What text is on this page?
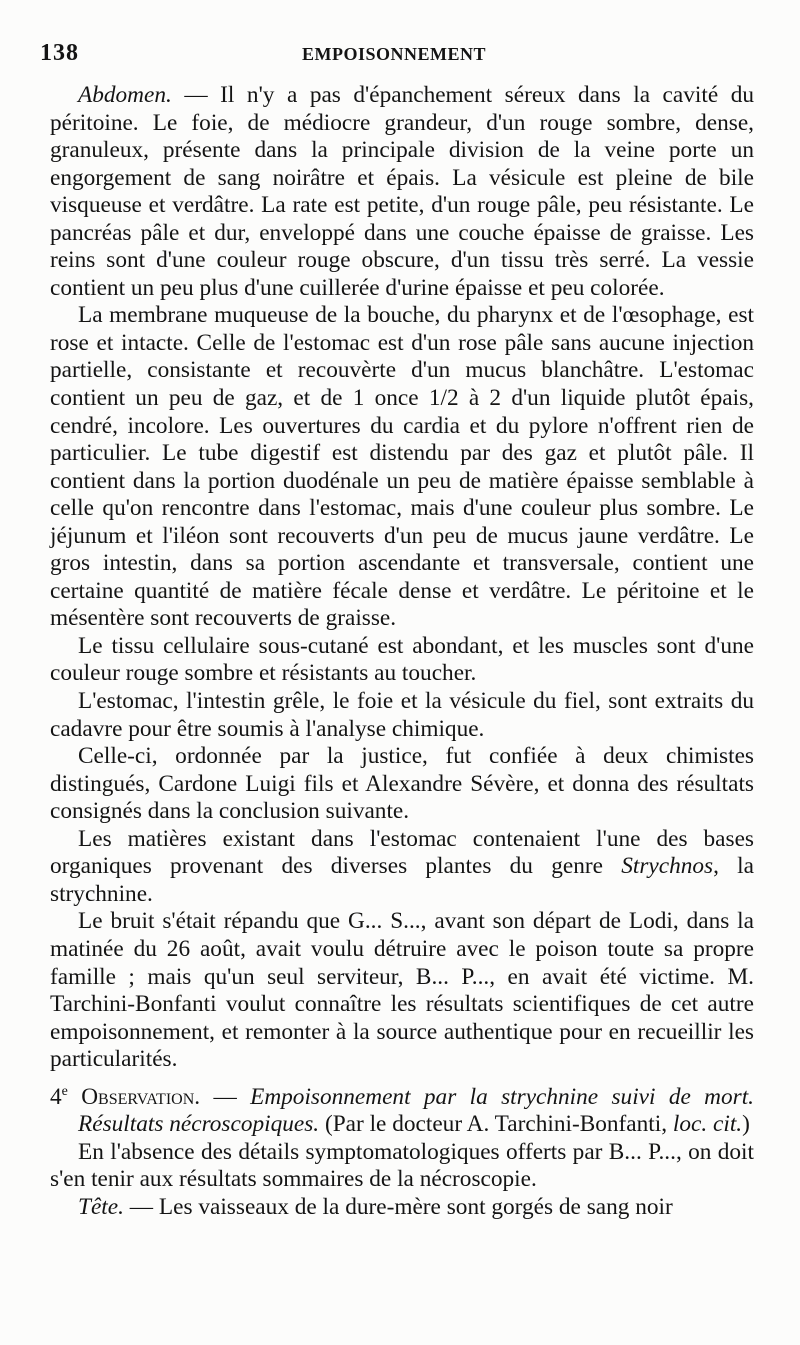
138	EMPOISONNEMENT

Abdomen. — Il n'y a pas d'épanchement séreux dans la cavité du péritoine. Le foie, de médiocre grandeur, d'un rouge sombre, dense, granuleux, présente dans la principale division de la veine porte un engorgement de sang noirâtre et épais. La vésicule est pleine de bile visqueuse et verdâtre. La rate est petite, d'un rouge pâle, peu résistante. Le pancréas pâle et dur, enveloppé dans une couche épaisse de graisse. Les reins sont d'une couleur rouge obscure, d'un tissu très serré. La vessie contient un peu plus d'une cuillerée d'urine épaisse et peu colorée.

La membrane muqueuse de la bouche, du pharynx et de l'œsophage, est rose et intacte. Celle de l'estomac est d'un rose pâle sans aucune injection partielle, consistante et recouvèrte d'un mucus blanchâtre. L'estomac contient un peu de gaz, et de 1 once 1/2 à 2 d'un liquide plutôt épais, cendré, incolore. Les ouvertures du cardia et du pylore n'offrent rien de particulier. Le tube digestif est distendu par des gaz et plutôt pâle. Il contient dans la portion duodénale un peu de matière épaisse semblable à celle qu'on rencontre dans l'estomac, mais d'une couleur plus sombre. Le jéjunum et l'iléon sont recouverts d'un peu de mucus jaune verdâtre. Le gros intestin, dans sa portion ascendante et transversale, contient une certaine quantité de matière fécale dense et verdâtre. Le péritoine et le mésentère sont recouverts de graisse.

Le tissu cellulaire sous-cutané est abondant, et les muscles sont d'une couleur rouge sombre et résistants au toucher.

L'estomac, l'intestin grêle, le foie et la vésicule du fiel, sont extraits du cadavre pour être soumis à l'analyse chimique.

Celle-ci, ordonnée par la justice, fut confiée à deux chimistes distingués, Cardone Luigi fils et Alexandre Sévère, et donna des résultats consignés dans la conclusion suivante.

Les matières existant dans l'estomac contenaient l'une des bases organiques provenant des diverses plantes du genre Strychnos, la strychnine.

Le bruit s'était répandu que G... S..., avant son départ de Lodi, dans la matinée du 26 août, avait voulu détruire avec le poison toute sa propre famille ; mais qu'un seul serviteur, B... P..., en avait été victime. M. Tarchini-Bonfanti voulut connaître les résultats scientifiques de cet autre empoisonnement, et remonter à la source authentique pour en recueillir les particularités.

4e Observation. — Empoisonnement par la strychnine suivi de mort. Résultats nécroscopiques. (Par le docteur A. Tarchini-Bonfanti, loc. cit.)

En l'absence des détails symptomatologiques offerts par B... P..., on doit s'en tenir aux résultats sommaires de la nécroscopie.

Tête. — Les vaisseaux de la dure-mère sont gorgés de sang noir
